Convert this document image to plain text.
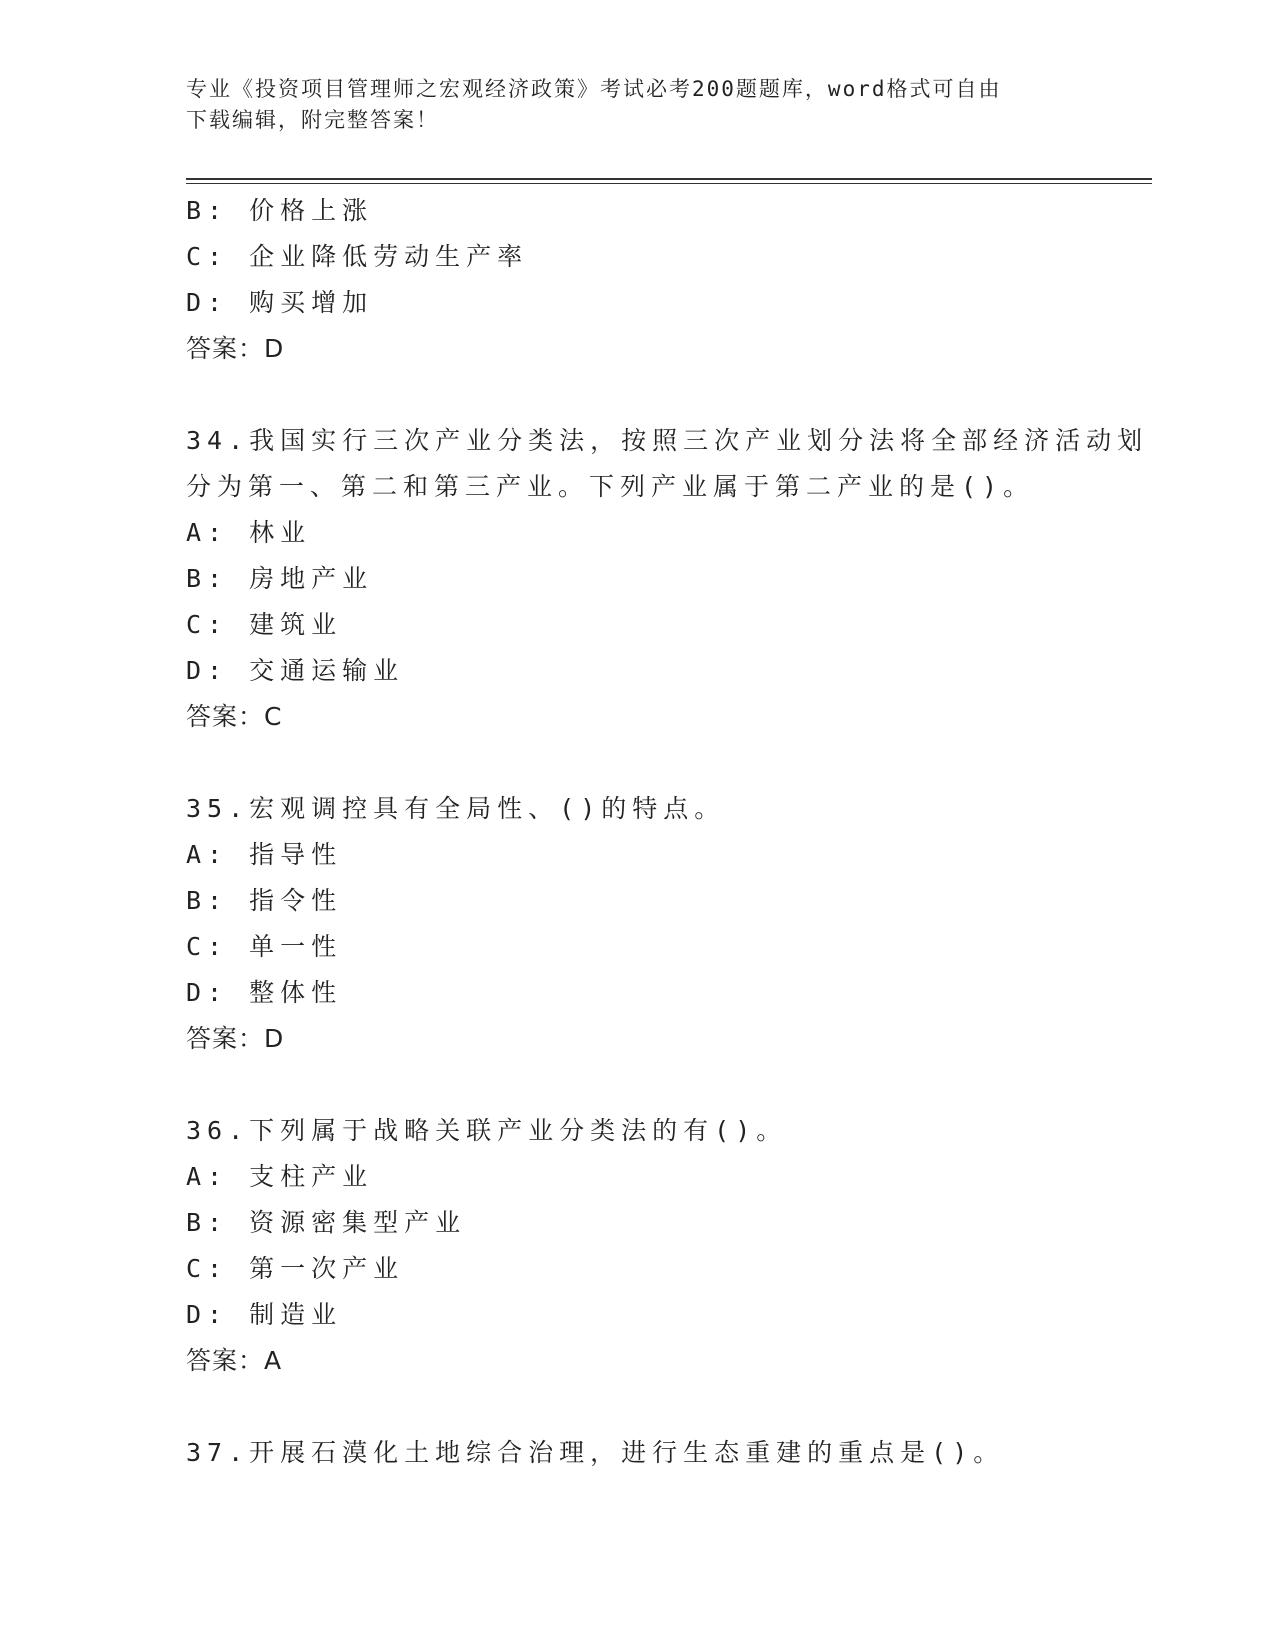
专业《投资项目管理师之宏观经济政策》考试必考200题题库，word格式可自由
下载编辑，附完整答案！
B: 价格上涨
C: 企业降低劳动生产率
D: 购买增加
答案：D
34.我国实行三次产业分类法，按照三次产业划分法将全部经济活动划
分为第一、第二和第三产业。下列产业属于第二产业的是()。
A: 林业
B: 房地产业
C: 建筑业
D: 交通运输业
答案：C
35.宏观调控具有全局性、()的特点。
A: 指导性
B: 指令性
C: 单一性
D: 整体性
答案：D
36.下列属于战略关联产业分类法的有()。
A: 支柱产业
B: 资源密集型产业
C: 第一次产业
D: 制造业
答案：A
37.开展石漠化土地综合治理，进行生态重建的重点是()。
